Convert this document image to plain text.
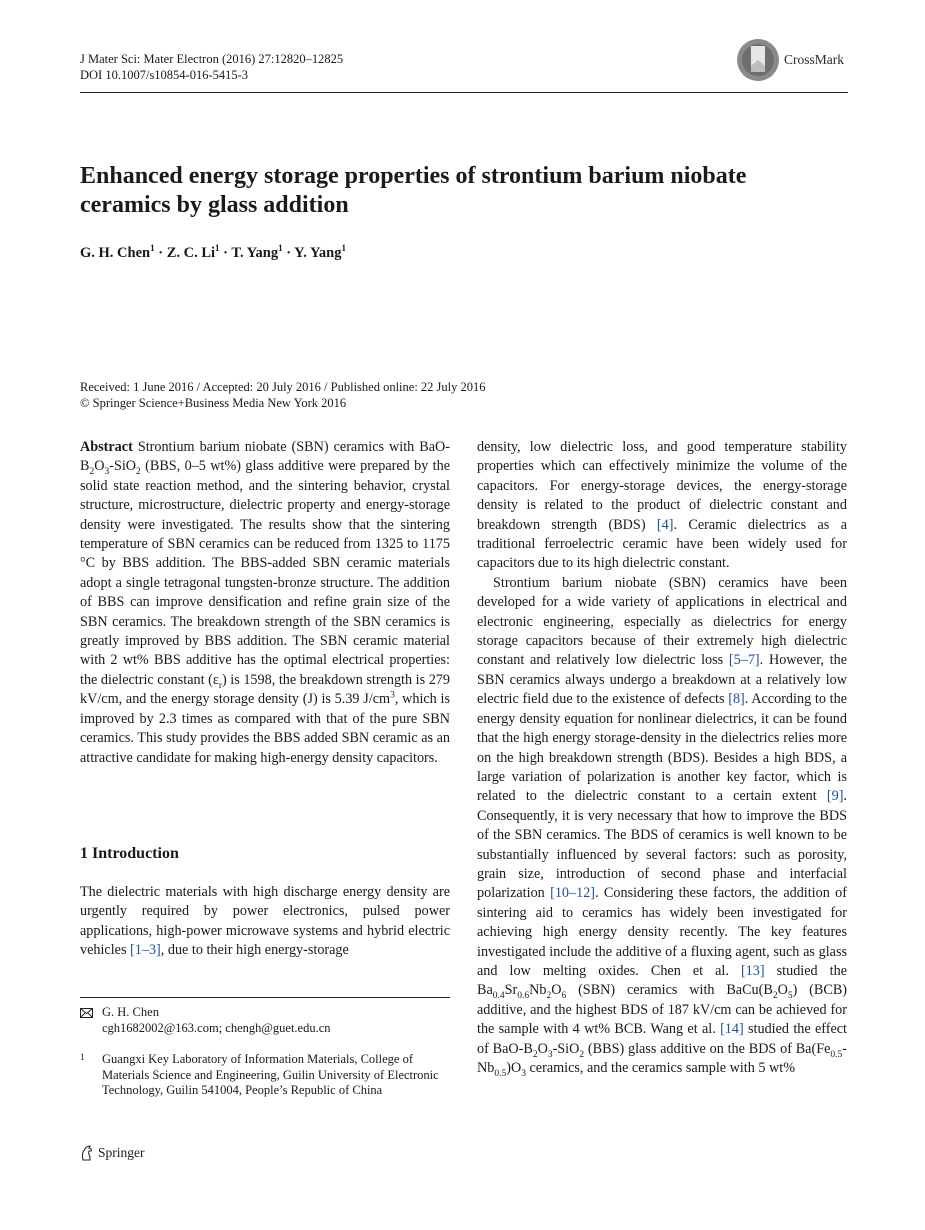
J Mater Sci: Mater Electron (2016) 27:12820–12825
DOI 10.1007/s10854-016-5415-3
CrossMark
Enhanced energy storage properties of strontium barium niobate
ceramics by glass addition
G. H. Chen$^1$ · Z. C. $Li^1 \cdot T$. Yang$^1$ · Y. Yang$^1$
Received: 1 June 2016 / Accepted: 20 July 2016 / Published online: 22 July 2016
© Springer Science+Business Media New York 2016

Abstract Strontium barium niobate (SBN) ceramics with BaO-$B_2O_3-SiO_2$ (BBS, 0–5 wt%) glass additive were prepared by the solid state reaction method, and the sintering behavior, crystal structure, microstructure, dielectric property and energy-storage density were investigated. The results show that the sintering temperature of SBN ceramics can be reduced from 1325 to 1175 °C by BBS addition. The BBS-added SBN ceramic materials adopt a single tetragonal tungsten-bronze structure. The addition of BBS can improve densification and refine grain size of the SBN ceramics. The breakdown strength of the SBN ceramics is greatly improved by BBS addition. The SBN ceramic material with 2 wt% BBS additive has the optimal electrical properties: the dielectric constant $(\varepsilon_r)$ is 1598, the breakdown strength is 279 kV/cm, and the energy storage density (J) is 5.39 $J/cm^3$, which is improved by 2.3 times as compared with that of the pure SBN ceramics. This study provides the BBS added SBN ceramic as an attractive candidate for making high-energy density capacitors.

1 Introduction

The dielectric materials with high discharge energy density are urgently required by power electronics, pulsed power applications, high-power microwave systems and hybrid electric vehicles [1–3], due to their high energy-storage

G. H. Chen
cgh1682002@163.com; chengh@guet.edu.cn
1 Guangxi Key Laboratory of Information Materials, College of Materials Science and Engineering, Guilin University of Electronic Technology, Guilin 541004, People’s Republic of China
Springer

density, low dielectric loss, and good temperature stability properties which can effectively minimize the volume of the capacitors. For energy-storage devices, the energy-storage density is related to the product of dielectric constant and breakdown strength (BDS) [4]. Ceramic dielectrics as a traditional ferroelectric ceramic have been widely used for capacitors due to its high dielectric constant.

Strontium barium niobate (SBN) ceramics have been developed for a wide variety of applications in electrical and electronic engineering, especially as dielectrics for energy storage capacitors because of their extremely high dielectric constant and relatively low dielectric loss [5–7]. However, the SBN ceramics always undergo a breakdown at a relatively low electric field due to the existence of defects [8]. According to the energy density equation for nonlinear dielectrics, it can be found that the high energy storage-density in the dielectrics relies more on the high breakdown strength (BDS). Besides a high BDS, a large variation of polarization is another key factor, which is related to the dielectric constant to a certain extent [9]. Consequently, it is very necessary that how to improve the BDS of the SBN ceramics. The BDS of ceramics is well known to be substantially influenced by several factors: such as porosity, grain size, introduction of second phase and interfacial polarization [10–12]. Considering these factors, the addition of sintering aid to ceramics has widely been investigated for achieving high energy density recently. The key features investigated include the additive of a fluxing agent, such as glass and low melting oxides. Chen et al. [13] studied the $Ba_{0.4}Sr_{0.6}Nb_2O_6$ (SBN) ceramics with $BaCu(B_2O_5)$ (BCB) additive, and the highest BDS of 187 kV/cm can be achieved for the sample with 4 wt% BCB. Wang et al. [14] studied the effect of BaO-$B_2O_3-SiO_2$ (BBS) glass additive on the BDS of $Ba(Fe_{0.5}-Nb_{0.5})O_3$ ceramics, and the ceramics sample with 5 wt%
